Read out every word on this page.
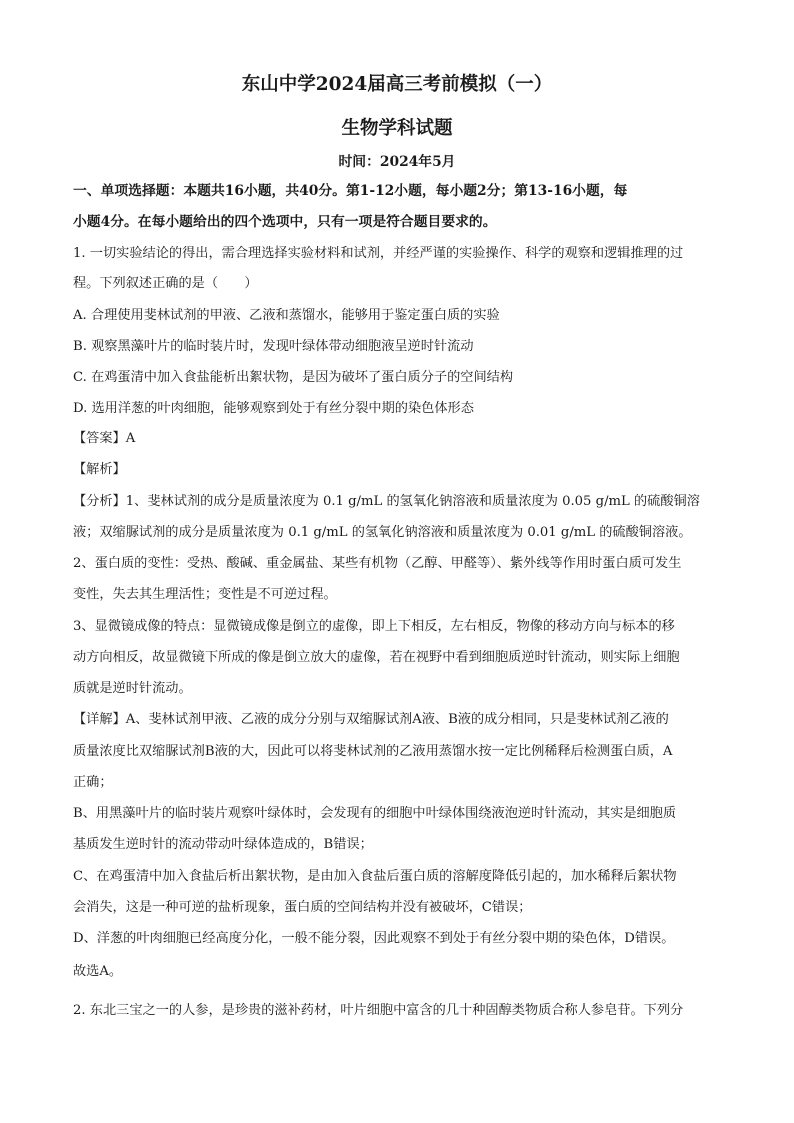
东山中学2024届高三考前模拟（一）
生物学科试题
时间：2024年5月
一、单项选择题：本题共16小题，共40分。第1-12小题，每小题2分；第13-16小题，每
小题4分。在每小题给出的四个选项中，只有一项是符合题目要求的。
1. 一切实验结论的得出，需合理选择实验材料和试剂，并经严谨的实验操作、科学的观察和逻辑推理的过
程。下列叙述正确的是（　　）
A. 合理使用斐林试剂的甲液、乙液和蒸馏水，能够用于鉴定蛋白质的实验
B. 观察黑藻叶片的临时装片时，发现叶绿体带动细胞液呈逆时针流动
C. 在鸡蛋清中加入食盐能析出絮状物，是因为破坏了蛋白质分子的空间结构
D. 选用洋葱的叶肉细胞，能够观察到处于有丝分裂中期的染色体形态
【答案】A
【解析】
【分析】1、斐林试剂的成分是质量浓度为 0.1 g/mL 的氢氧化钠溶液和质量浓度为 0.05 g/mL 的硫酸铜溶
液；双缩脲试剂的成分是质量浓度为 0.1 g/mL 的氢氧化钠溶液和质量浓度为 0.01 g/mL 的硫酸铜溶液。
2、蛋白质的变性：受热、酸碱、重金属盐、某些有机物（乙醇、甲醛等）、紫外线等作用时蛋白质可发生
变性，失去其生理活性；变性是不可逆过程。
3、显微镜成像的特点：显微镜成像是倒立的虚像，即上下相反，左右相反，物像的移动方向与标本的移
动方向相反，故显微镜下所成的像是倒立放大的虚像，若在视野中看到细胞质逆时针流动，则实际上细胞
质就是逆时针流动。
【详解】A、斐林试剂甲液、乙液的成分分别与双缩脲试剂A液、B液的成分相同，只是斐林试剂乙液的
质量浓度比双缩脲试剂B液的大，因此可以将斐林试剂的乙液用蒸馏水按一定比例稀释后检测蛋白质，A
正确；
B、用黑藻叶片的临时装片观察叶绿体时，会发现有的细胞中叶绿体围绕液泡逆时针流动，其实是细胞质
基质发生逆时针的流动带动叶绿体造成的，B错误；
C、在鸡蛋清中加入食盐后析出絮状物，是由加入食盐后蛋白质的溶解度降低引起的，加水稀释后絮状物
会消失，这是一种可逆的盐析现象，蛋白质的空间结构并没有被破坏，C错误；
D、洋葱的叶肉细胞已经高度分化，一般不能分裂，因此观察不到处于有丝分裂中期的染色体，D错误。
故选A。
2. 东北三宝之一的人参，是珍贵的滋补药材，叶片细胞中富含的几十种固醇类物质合称人参皂苷。下列分
